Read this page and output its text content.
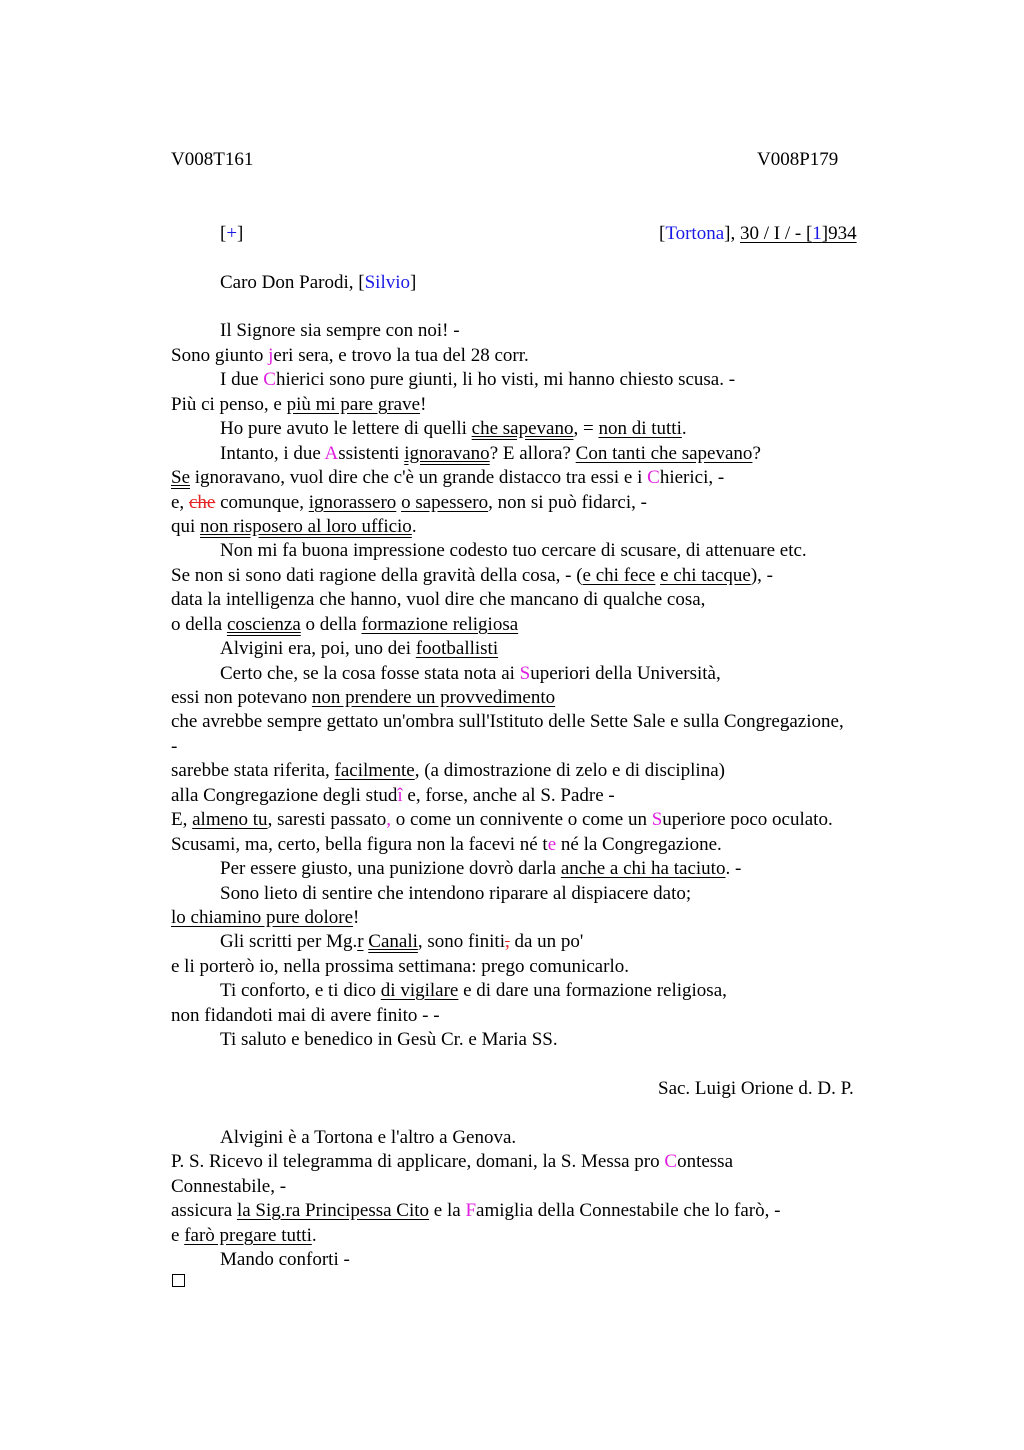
V008T161	V008P179
[+]	[Tortona], 30 / I / - [1]934
Caro Don Parodi, [Silvio]
Il Signore sia sempre con noi! -
Sono giunto jeri sera, e trovo la tua del 28 corr.
I due Chierici sono pure giunti, li ho visti, mi hanno chiesto scusa. -
Più ci penso, e più mi pare grave!
Ho pure avuto le lettere di quelli che sapevano, = non di tutti.
Intanto, i due Assistenti ignoravano? E allora? Con tanti che sapevano?
Se ignoravano, vuol dire che c'è un grande distacco tra essi e i Chierici, -
e, che comunque, ignorassero o sapessero, non si può fidarci, -
qui non risposero al loro ufficio.
Non mi fa buona impressione codesto tuo cercare di scusare, di attenuare etc.
Se non si sono dati ragione della gravità della cosa, - (e chi fece e chi tacque), -
data la intelligenza che hanno, vuol dire che mancano di qualche cosa,
o della coscienza o della formazione religiosa
Alvigini era, poi, uno dei footballisti
Certo che, se la cosa fosse stata nota ai Superiori della Università,
essi non potevano non prendere un provvedimento
che avrebbe sempre gettato un'ombra sull'Istituto delle Sette Sale e sulla Congregazione,
-
sarebbe stata riferita, facilmente, (a dimostrazione di zelo e di disciplina)
alla Congregazione degli studî e, forse, anche al S. Padre -
E, almeno tu, saresti passato, o come un connivente o come un Superiore poco oculato.
Scusami, ma, certo, bella figura non la facevi né te né la Congregazione.
Per essere giusto, una punizione dovrò darla anche a chi ha taciuto. -
Sono lieto di sentire che intendono riparare al dispiacere dato;
lo chiamino pure dolore!
Gli scritti per Mg.r Canali, sono finiti, da un po'
e li porterò io, nella prossima settimana: prego comunicarlo.
Ti conforto, e ti dico di vigilare e di dare una formazione religiosa,
non fidandoti mai di avere finito - -
Ti saluto e benedico in Gesù Cr. e Maria SS.
Sac. Luigi Orione d. D. P.
Alvigini è a Tortona e l'altro a Genova.
P. S. Ricevo il telegramma di applicare, domani, la S. Messa pro Contessa
Connestabile, -
assicura la Sig.ra Principessa Cito e la Famiglia della Connestabile che lo farò, -
e farò pregare tutti.
Mando conforti -
